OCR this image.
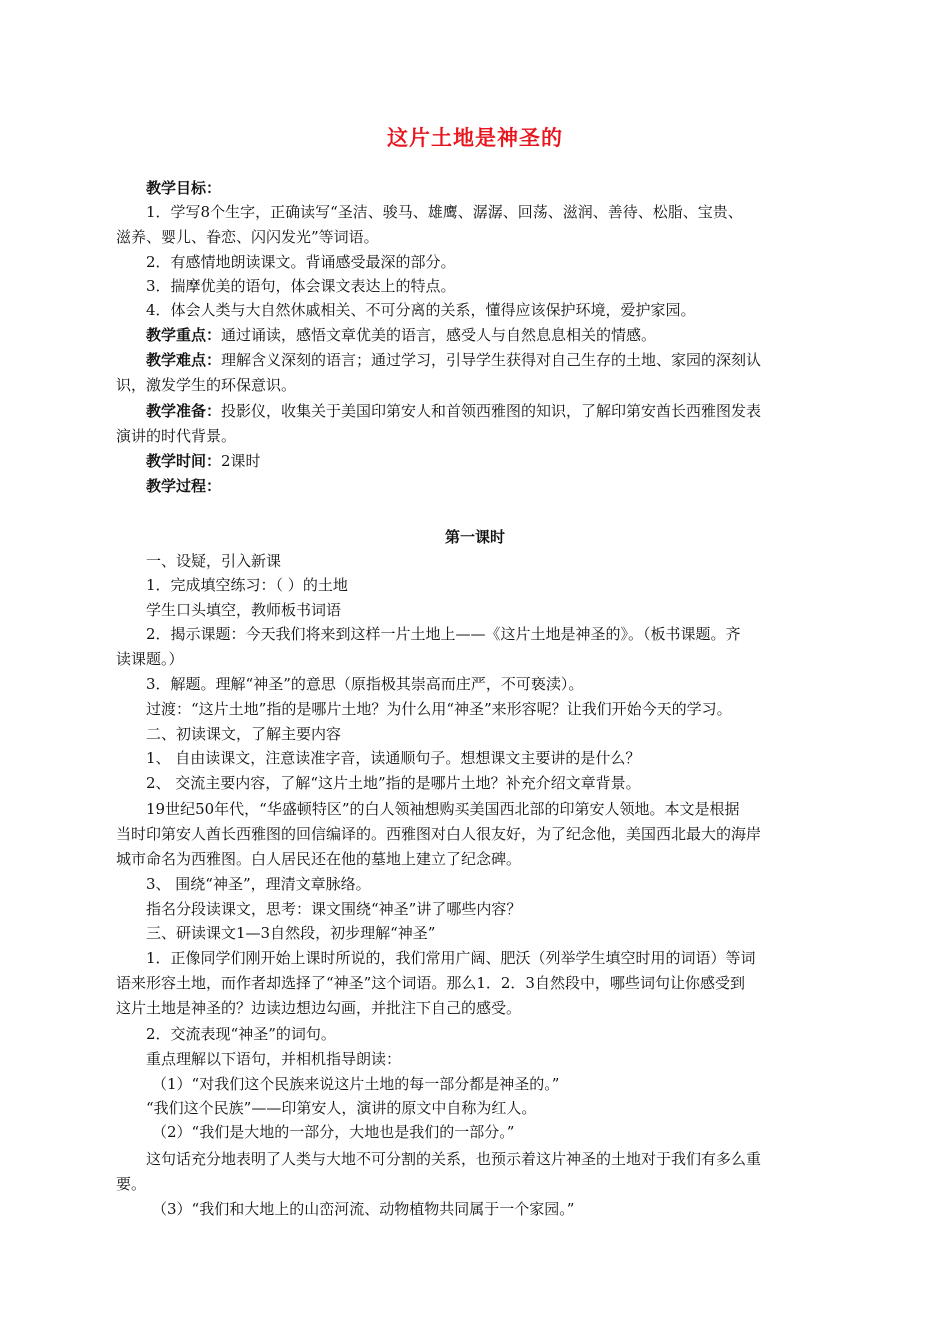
这片土地是神圣的
教学目标：
1．学写8个生字，正确读写“圣洁、骏马、雄鹰、潺潺、回荡、滋润、善待、松脂、宝贵、
滋养、婴儿、眷恋、闪闪发光”等词语。
2．有感情地朗读课文。背诵感受最深的部分。
3．揣摩优美的语句，体会课文表达上的特点。
4．体会人类与大自然休戚相关、不可分离的关系，懂得应该保护环境，爱护家园。
教学重点：通过诵读，感悟文章优美的语言，感受人与自然息息相关的情感。
教学难点：理解含义深刻的语言；通过学习，引导学生获得对自己生存的土地、家园的深刻认
识，激发学生的环保意识。
教学准备：投影仪，收集关于美国印第安人和首领西雅图的知识，了解印第安酋长西雅图发表
演讲的时代背景。
教学时间：2课时
教学过程：
第一课时
一、设疑，引入新课
1．完成填空练习：（ ）的土地
学生口头填空，教师板书词语
2．揭示课题：今天我们将来到这样一片土地上——《这片土地是神圣的》。（板书课题。齐
读课题。）
3．解题。理解“神圣”的意思（原指极其崇高而庄严，不可亵渎）。
过渡：“这片土地”指的是哪片土地？为什么用“神圣”来形容呢？让我们开始今天的学习。
二、初读课文，了解主要内容
1、 自由读课文，注意读准字音，读通顺句子。想想课文主要讲的是什么？
2、 交流主要内容，了解“这片土地”指的是哪片土地？补充介绍文章背景。
19世纪50年代，“华盛顿特区”的白人领袖想购买美国西北部的印第安人领地。本文是根据
当时印第安人酋长西雅图的回信编译的。西雅图对白人很友好，为了纪念他，美国西北最大的海岸
城市命名为西雅图。白人居民还在他的墓地上建立了纪念碑。
3、 围绕“神圣”，理清文章脉络。
指名分段读课文，思考：课文围绕“神圣”讲了哪些内容？
三、研读课文1—3自然段，初步理解“神圣”
1．正像同学们刚开始上课时所说的，我们常用广阔、肥沃（列举学生填空时用的词语）等词
语来形容土地，而作者却选择了“神圣”这个词语。那么1．2．3自然段中，哪些词句让你感受到
这片土地是神圣的？边读边想边勾画，并批注下自己的感受。
2．交流表现“神圣”的词句。
重点理解以下语句，并相机指导朗读：
（1）“对我们这个民族来说这片土地的每一部分都是神圣的。”
“我们这个民族”——印第安人，演讲的原文中自称为红人。
（2）“我们是大地的一部分，大地也是我们的一部分。”
这句话充分地表明了人类与大地不可分割的关系，也预示着这片神圣的土地对于我们有多么重
要。
（3）“我们和大地上的山峦河流、动物植物共同属于一个家园。”
